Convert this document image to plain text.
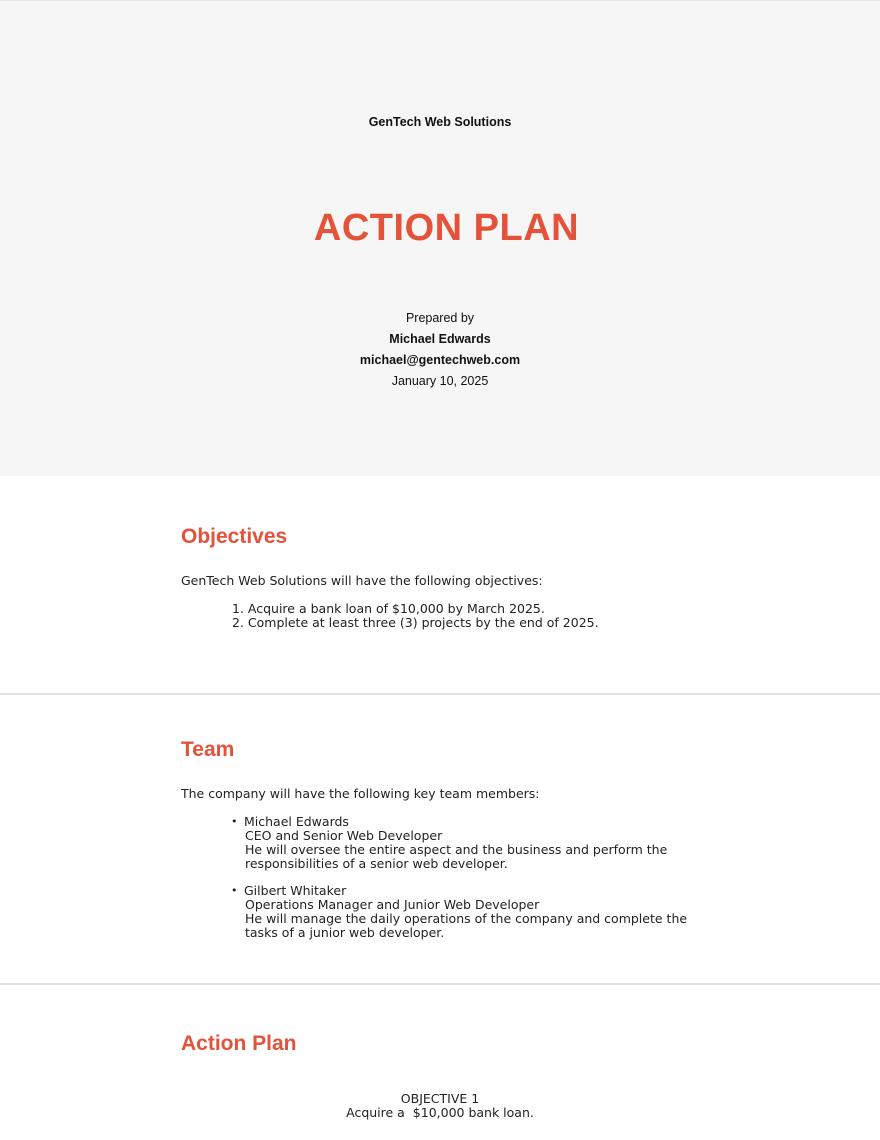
GenTech Web Solutions
ACTION PLAN
Prepared by
Michael Edwards
michael@gentechweb.com
January 10, 2025
Objectives
GenTech Web Solutions will have the following objectives:
1. Acquire a bank loan of $10,000 by March 2025.
2. Complete at least three (3) projects by the end of 2025.
Team
The company will have the following key team members:
• Michael Edwards
CEO and Senior Web Developer
He will oversee the entire aspect and the business and perform the responsibilities of a senior web developer.
• Gilbert Whitaker
Operations Manager and Junior Web Developer
He will manage the daily operations of the company and complete the tasks of a junior web developer.
Action Plan
OBJECTIVE 1
Acquire a  $10,000 bank loan.
